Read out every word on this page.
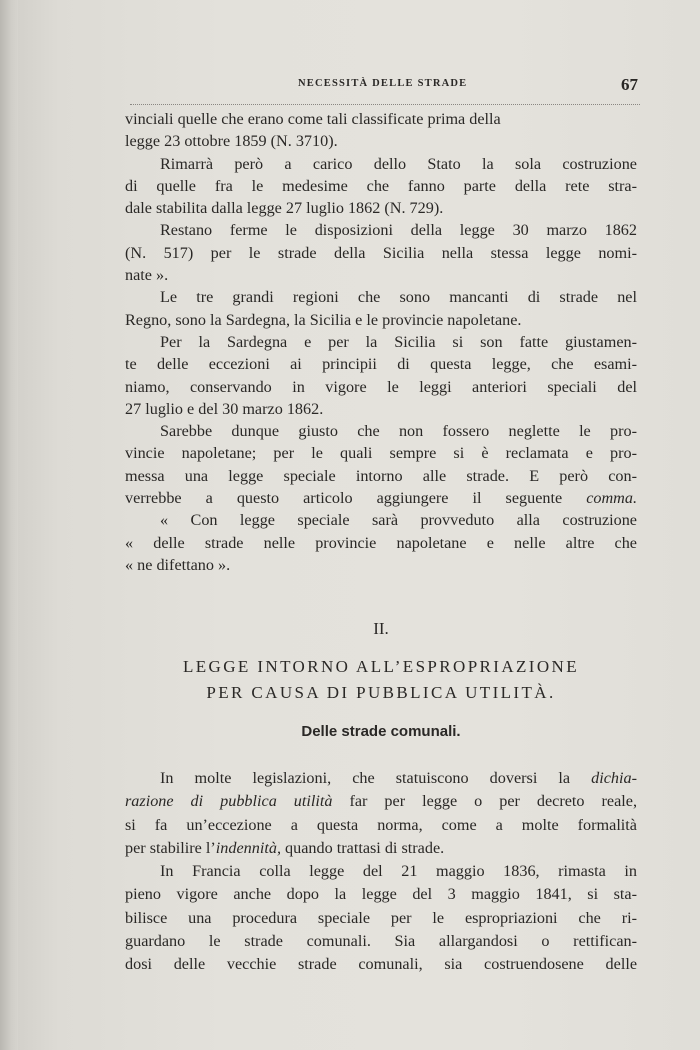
NECESSITÀ DELLE STRADE	67
vinciali quelle che erano come tali classificate prima della
legge 23 ottobre 1859 (N. 3710).
Rimarrà però a carico dello Stato la sola costruzione
di quelle fra le medesime che fanno parte della rete stra-
dale stabilita dalla legge 27 luglio 1862 (N. 729).
Restano ferme le disposizioni della legge 30 marzo 1862
(N. 517) per le strade della Sicilia nella stessa legge nomi-
nate ».
Le tre grandi regioni che sono mancanti di strade nel
Regno, sono la Sardegna, la Sicilia e le provincie napoletane.
Per la Sardegna e per la Sicilia si son fatte giustamen-
te delle eccezioni ai principii di questa legge, che esami-
niamo, conservando in vigore le leggi anteriori speciali del
27 luglio e del 30 marzo 1862.
Sarebbe dunque giusto che non fossero neglette le pro-
vincie napoletane; per le quali sempre si è reclamata e pro-
messa una legge speciale intorno alle strade. E però con-
verrebbe a questo articolo aggiungere il seguente comma.
« Con legge speciale sarà provveduto alla costruzione
« delle strade nelle provincie napoletane e nelle altre che
« ne difettano ».
II.
LEGGE INTORNO ALL’ESPROPRIAZIONE
PER CAUSA DI PUBBLICA UTILITÀ.
Delle strade comunali.
In molte legislazioni, che statuiscono doversi la dichia-
razione di pubblica utilità far per legge o per decreto reale,
si fa un’eccezione a questa norma, come a molte formalità
per stabilire l’indennità, quando trattasi di strade.
In Francia colla legge del 21 maggio 1836, rimasta in
pieno vigore anche dopo la legge del 3 maggio 1841, si sta-
bilisce una procedura speciale per le espropriazioni che ri-
guardano le strade comunali. Sia allargandosi o rettifican-
dosi delle vecchie strade comunali, sia costruendosene delle
